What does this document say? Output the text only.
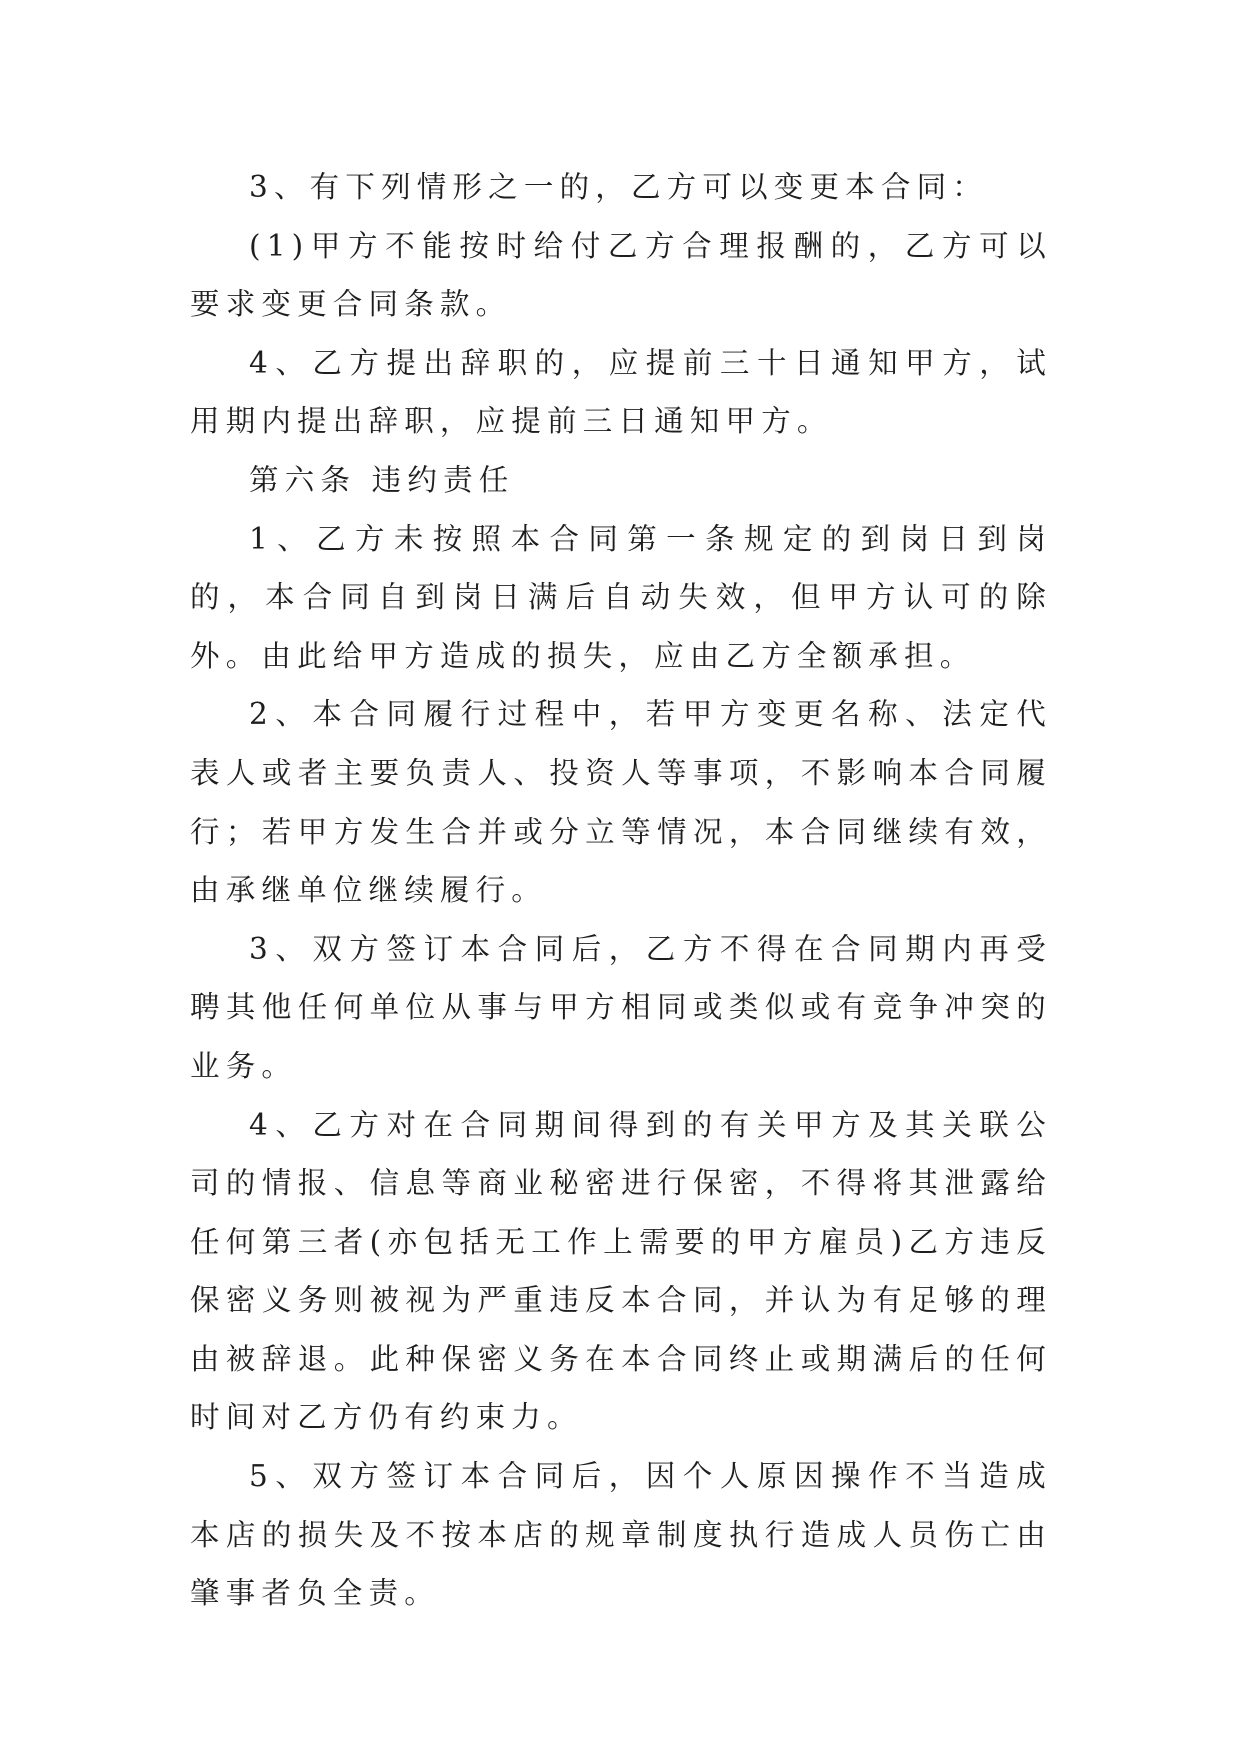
3、有下列情形之一的，乙方可以变更本合同：

(1)甲方不能按时给付乙方合理报酬的，乙方可以要求变更合同条款。

4、乙方提出辞职的，应提前三十日通知甲方，试用期内提出辞职，应提前三日通知甲方。

第六条 违约责任

1、乙方未按照本合同第一条规定的到岗日到岗的，本合同自到岗日满后自动失效，但甲方认可的除外。由此给甲方造成的损失，应由乙方全额承担。

2、本合同履行过程中，若甲方变更名称、法定代表人或者主要负责人、投资人等事项，不影响本合同履行；若甲方发生合并或分立等情况，本合同继续有效，由承继单位继续履行。

3、双方签订本合同后，乙方不得在合同期内再受聘其他任何单位从事与甲方相同或类似或有竞争冲突的业务。

4、乙方对在合同期间得到的有关甲方及其关联公司的情报、信息等商业秘密进行保密，不得将其泄露给任何第三者(亦包括无工作上需要的甲方雇员)乙方违反保密义务则被视为严重违反本合同，并认为有足够的理由被辞退。此种保密义务在本合同终止或期满后的任何时间对乙方仍有约束力。

5、双方签订本合同后，因个人原因操作不当造成本店的损失及不按本店的规章制度执行造成人员伤亡由肇事者负全责。
